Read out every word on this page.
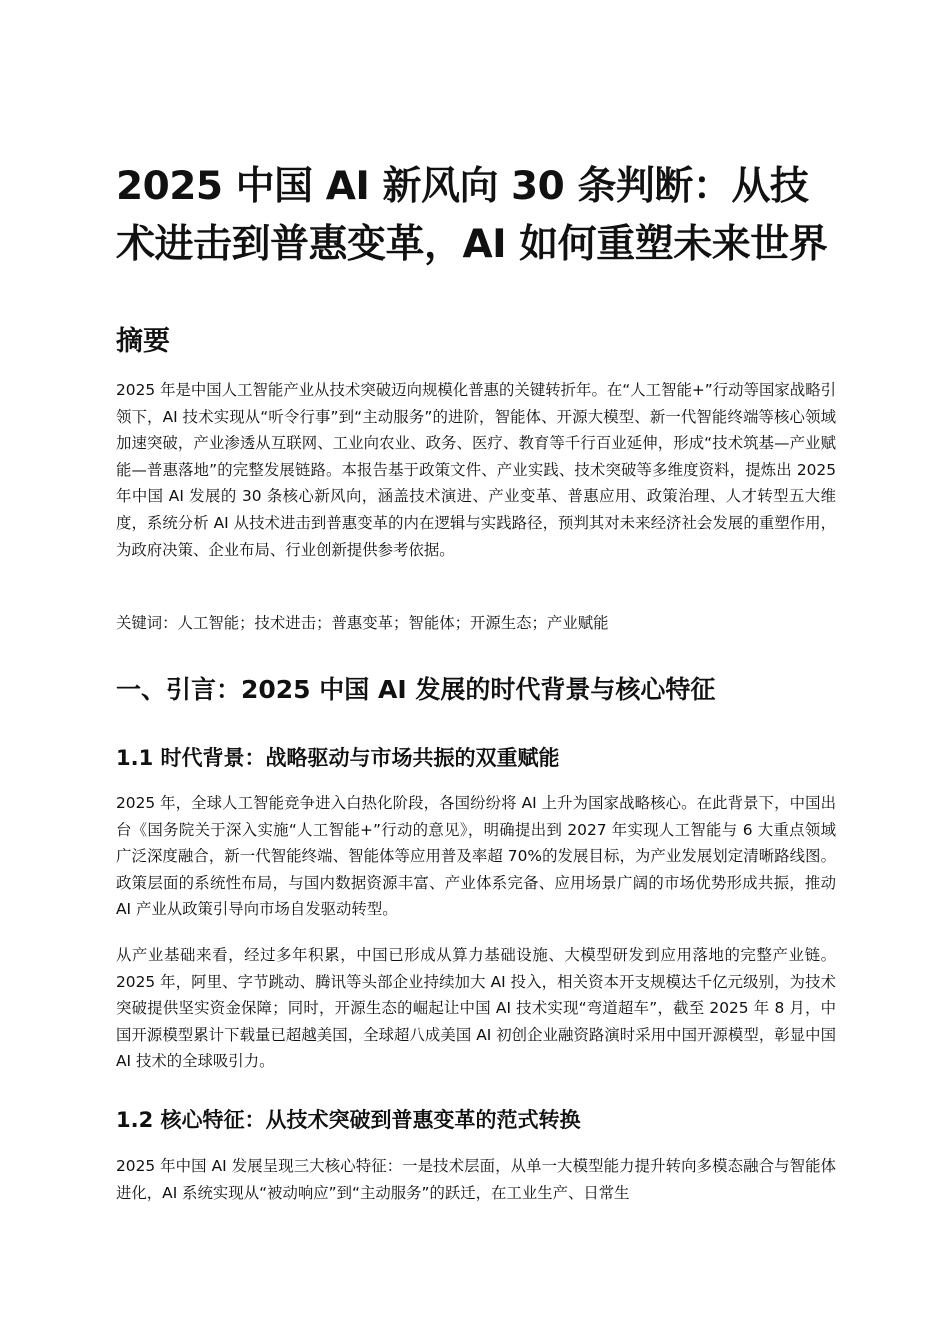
2025 中国 AI 新风向 30 条判断：从技术进击到普惠变革，AI 如何重塑未来世界
摘要

2025 年是中国人工智能产业从技术突破迈向规模化普惠的关键转折年。在“人工智能+”行动等国家战略引领下，AI 技术实现从“听令行事”到“主动服务”的进阶，智能体、开源大模型、新一代智能终端等核心领域加速突破，产业渗透从互联网、工业向农业、政务、医疗、教育等千行百业延伸，形成“技术筑基—产业赋能—普惠落地”的完整发展链路。本报告基于政策文件、产业实践、技术突破等多维度资料，提炼出 2025 年中国 AI 发展的 30 条核心新风向，涵盖技术演进、产业变革、普惠应用、政策治理、人才转型五大维度，系统分析 AI 从技术进击到普惠变革的内在逻辑与实践路径，预判其对未来经济社会发展的重塑作用，为政府决策、企业布局、行业创新提供参考依据。

关键词：人工智能；技术进击；普惠变革；智能体；开源生态；产业赋能

一、引言：2025 中国 AI 发展的时代背景与核心特征
1.1 时代背景：战略驱动与市场共振的双重赋能

2025 年，全球人工智能竞争进入白热化阶段，各国纷纷将 AI 上升为国家战略核心。在此背景下，中国出台《国务院关于深入实施“人工智能+”行动的意见》，明确提出到 2027 年实现人工智能与 6 大重点领域广泛深度融合，新一代智能终端、智能体等应用普及率超 70%的发展目标，为产业发展划定清晰路线图。政策层面的系统性布局，与国内数据资源丰富、产业体系完备、应用场景广阔的市场优势形成共振，推动 AI 产业从政策引导向市场自发驱动转型。

从产业基础来看，经过多年积累，中国已形成从算力基础设施、大模型研发到应用落地的完整产业链。2025 年，阿里、字节跳动、腾讯等头部企业持续加大 AI 投入，相关资本开支规模达千亿元级别，为技术突破提供坚实资金保障；同时，开源生态的崛起让中国 AI 技术实现“弯道超车”，截至 2025 年 8 月，中国开源模型累计下载量已超越美国，全球超八成美国 AI 初创企业融资路演时采用中国开源模型，彰显中国 AI 技术的全球吸引力。

1.2 核心特征：从技术突破到普惠变革的范式转换

2025 年中国 AI 发展呈现三大核心特征：一是技术层面，从单一大模型能力提升转向多模态融合与智能体进化，AI 系统实现从“被动响应”到“主动服务”的跃迁，在工业生产、日常生
